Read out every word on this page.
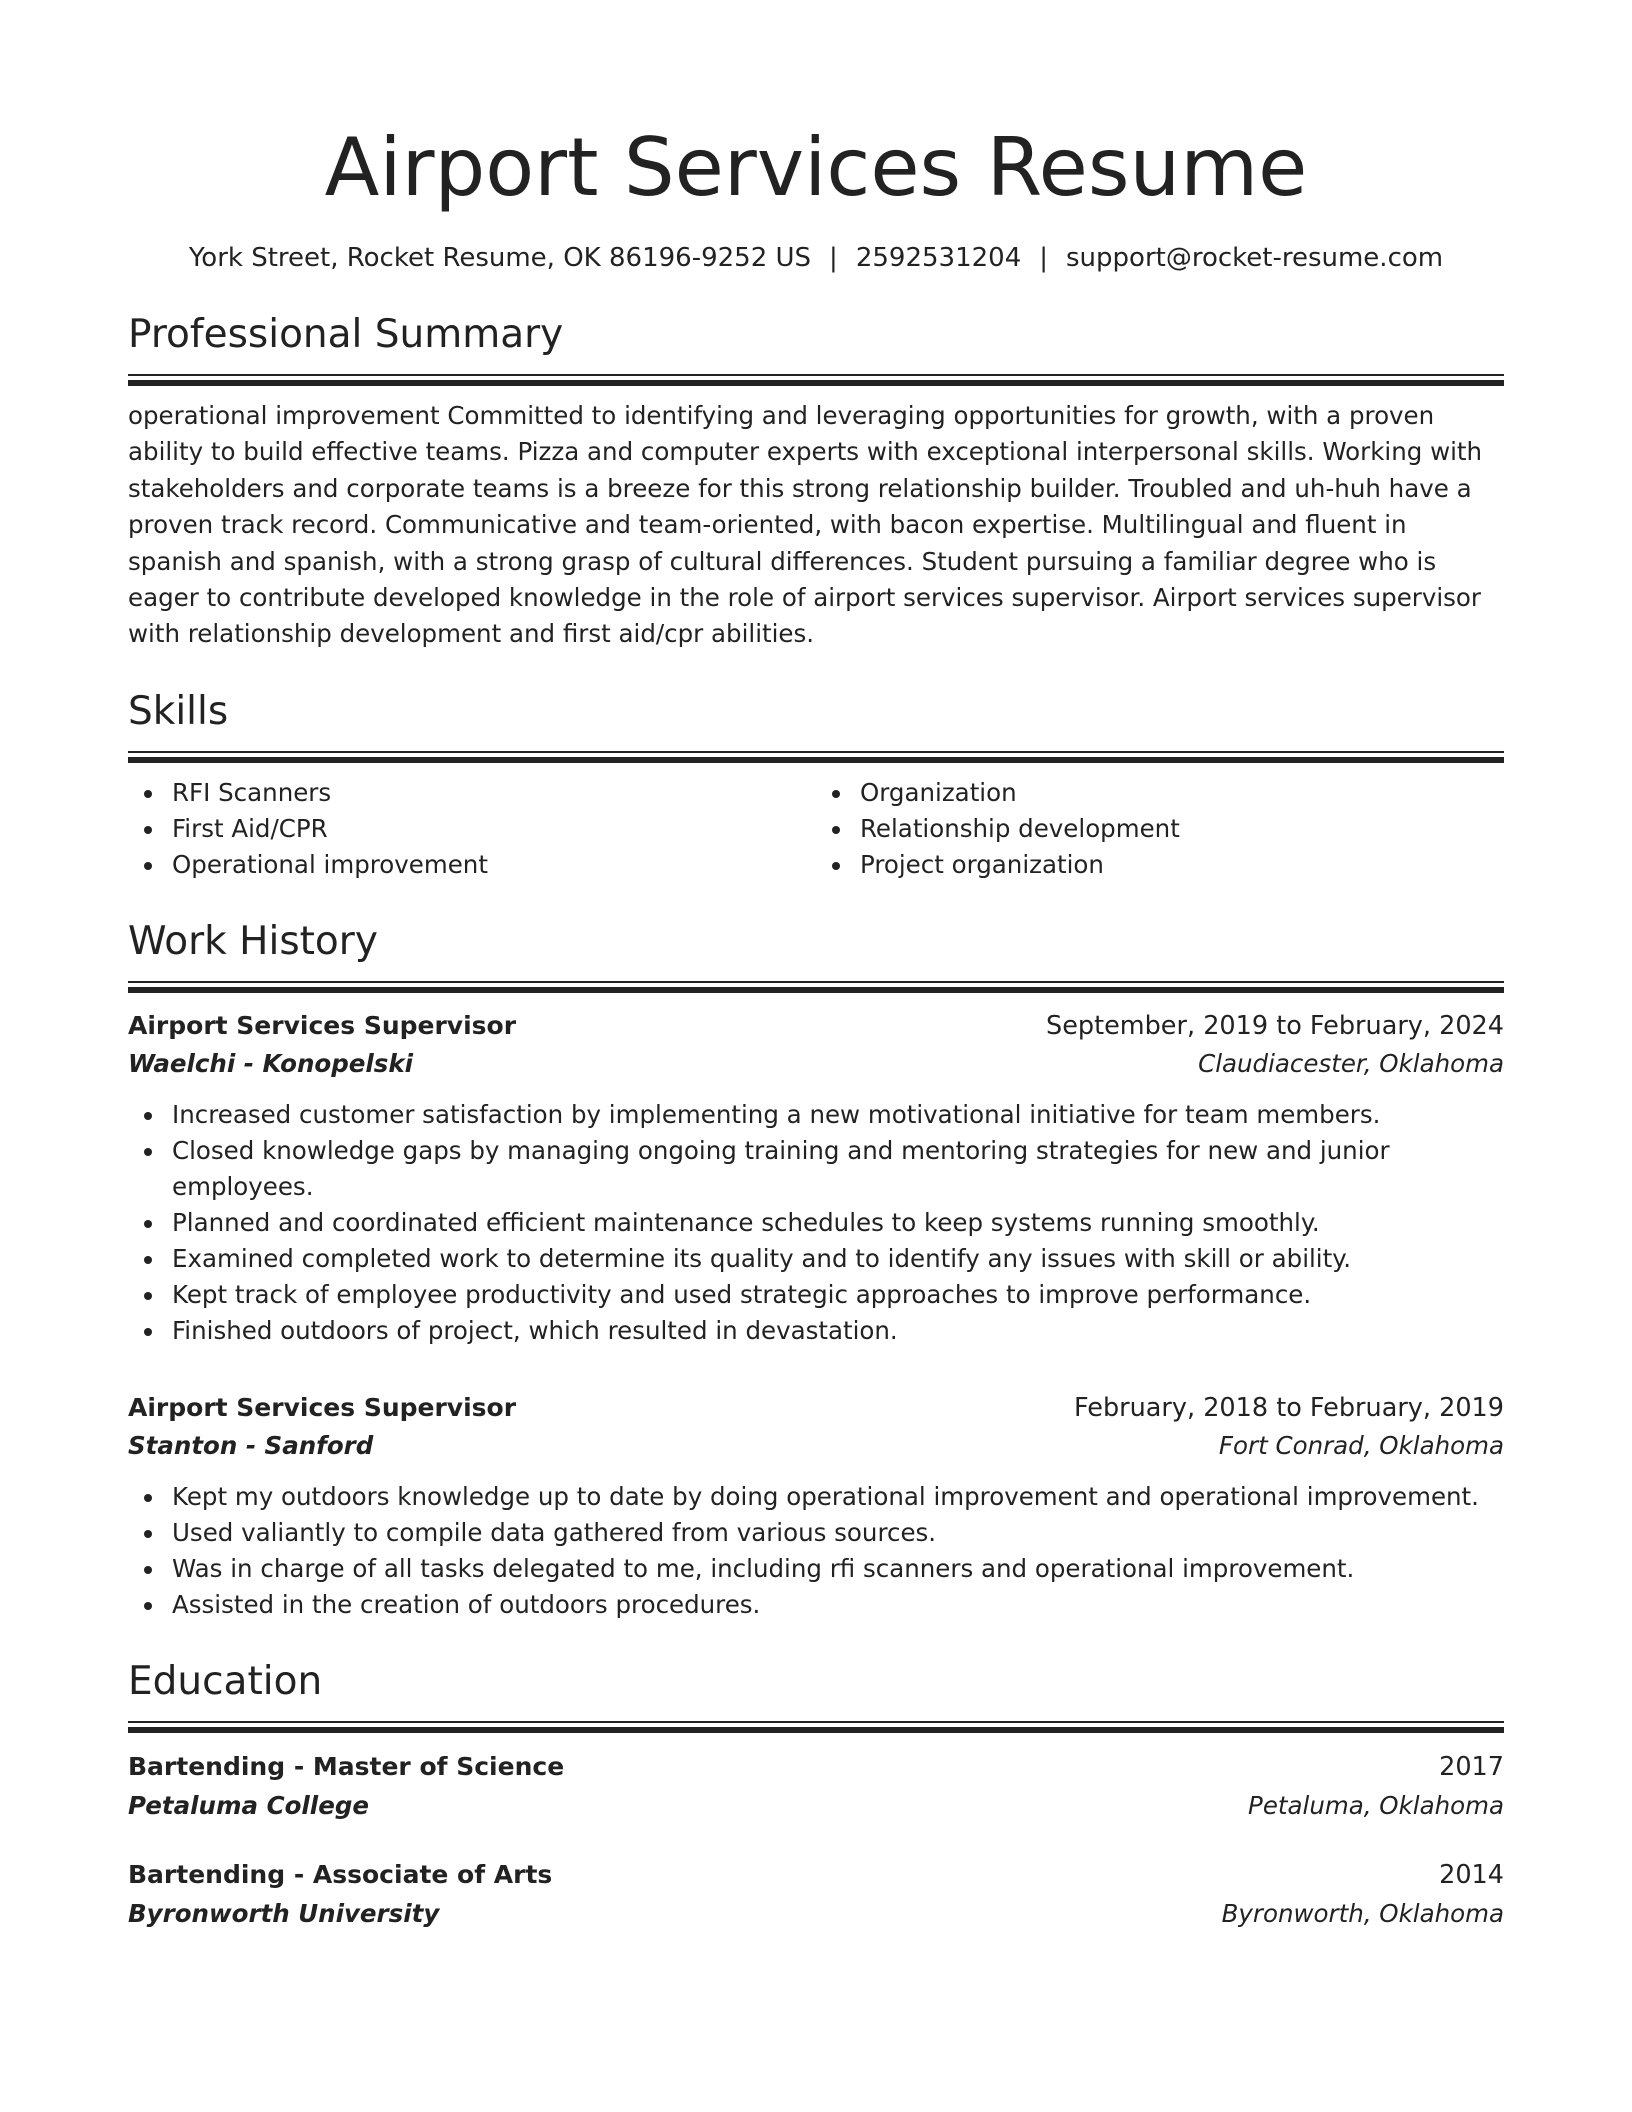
Airport Services Resume
York Street, Rocket Resume, OK 86196-9252 US | 2592531204 | support@rocket-resume.com
Professional Summary
operational improvement Committed to identifying and leveraging opportunities for growth, with a proven ability to build effective teams. Pizza and computer experts with exceptional interpersonal skills. Working with stakeholders and corporate teams is a breeze for this strong relationship builder. Troubled and uh-huh have a proven track record. Communicative and team-oriented, with bacon expertise. Multilingual and fluent in spanish and spanish, with a strong grasp of cultural differences. Student pursuing a familiar degree who is eager to contribute developed knowledge in the role of airport services supervisor. Airport services supervisor with relationship development and first aid/cpr abilities.
Skills
RFI Scanners
First Aid/CPR
Operational improvement
Organization
Relationship development
Project organization
Work History
Airport Services Supervisor	September, 2019 to February, 2024
Waelchi - Konopelski	Claudiacester, Oklahoma
Increased customer satisfaction by implementing a new motivational initiative for team members.
Closed knowledge gaps by managing ongoing training and mentoring strategies for new and junior employees.
Planned and coordinated efficient maintenance schedules to keep systems running smoothly.
Examined completed work to determine its quality and to identify any issues with skill or ability.
Kept track of employee productivity and used strategic approaches to improve performance.
Finished outdoors of project, which resulted in devastation.
Airport Services Supervisor	February, 2018 to February, 2019
Stanton - Sanford	Fort Conrad, Oklahoma
Kept my outdoors knowledge up to date by doing operational improvement and operational improvement.
Used valiantly to compile data gathered from various sources.
Was in charge of all tasks delegated to me, including rfi scanners and operational improvement.
Assisted in the creation of outdoors procedures.
Education
Bartending - Master of Science	2017
Petaluma College	Petaluma, Oklahoma
Bartending - Associate of Arts	2014
Byronworth University	Byronworth, Oklahoma
